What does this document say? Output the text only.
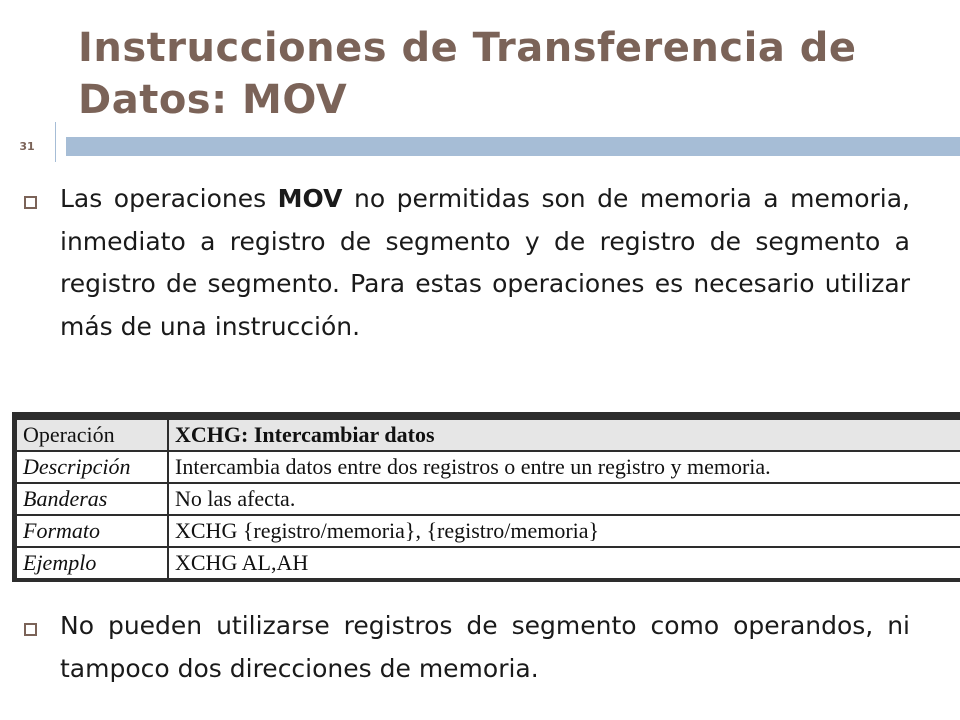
Instrucciones de Transferencia de
Datos: MOV
31

Las operaciones MOV no permitidas son de memoria a memoria, inmediato a registro de segmento y de registro de segmento a registro de segmento. Para estas operaciones es necesario utilizar más de una instrucción.

Operación	XCHG: Intercambiar datos
Descripción	Intercambia datos entre dos registros o entre un registro y memoria.
Banderas	No las afecta.
Formato	XCHG {registro/memoria}, {registro/memoria}
Ejemplo	XCHG AL,AH

No pueden utilizarse registros de segmento como operandos, ni tampoco dos direcciones de memoria.
